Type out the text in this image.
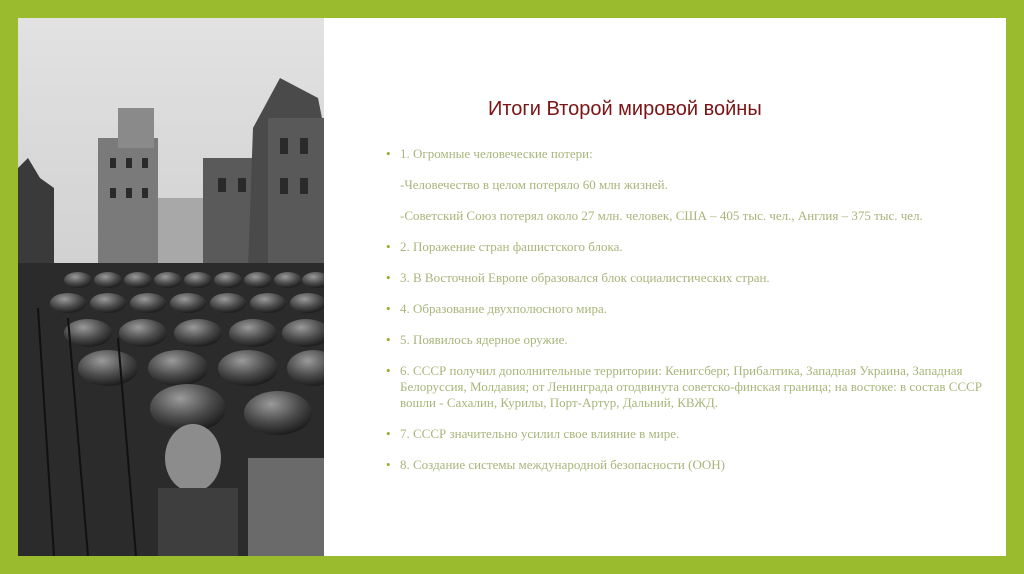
Итоги Второй мировой войны
• 1. Огромные человеческие потери:
-Человечество в целом потеряло 60 млн жизней.
-Советский Союз потерял около 27 млн. человек, США – 405 тыс. чел., Англия – 375 тыс. чел.
• 2. Поражение стран фашистского блока.
• 3. В Восточной Европе образовался блок социалистических стран.
• 4. Образование двухполюсного мира.
• 5. Появилось ядерное оружие.
• 6. СССР получил дополнительные территории: Кенигсберг, Прибалтика, Западная Украина, Западная Белоруссия, Молдавия; от Ленинграда отодвинута советско-финская граница; на востоке: в состав СССР вошли - Сахалин, Курилы, Порт-Артур, Дальний, КВЖД.
• 7. СССР значительно усилил свое влияние в мире.
• 8. Создание системы международной безопасности (ООН)
